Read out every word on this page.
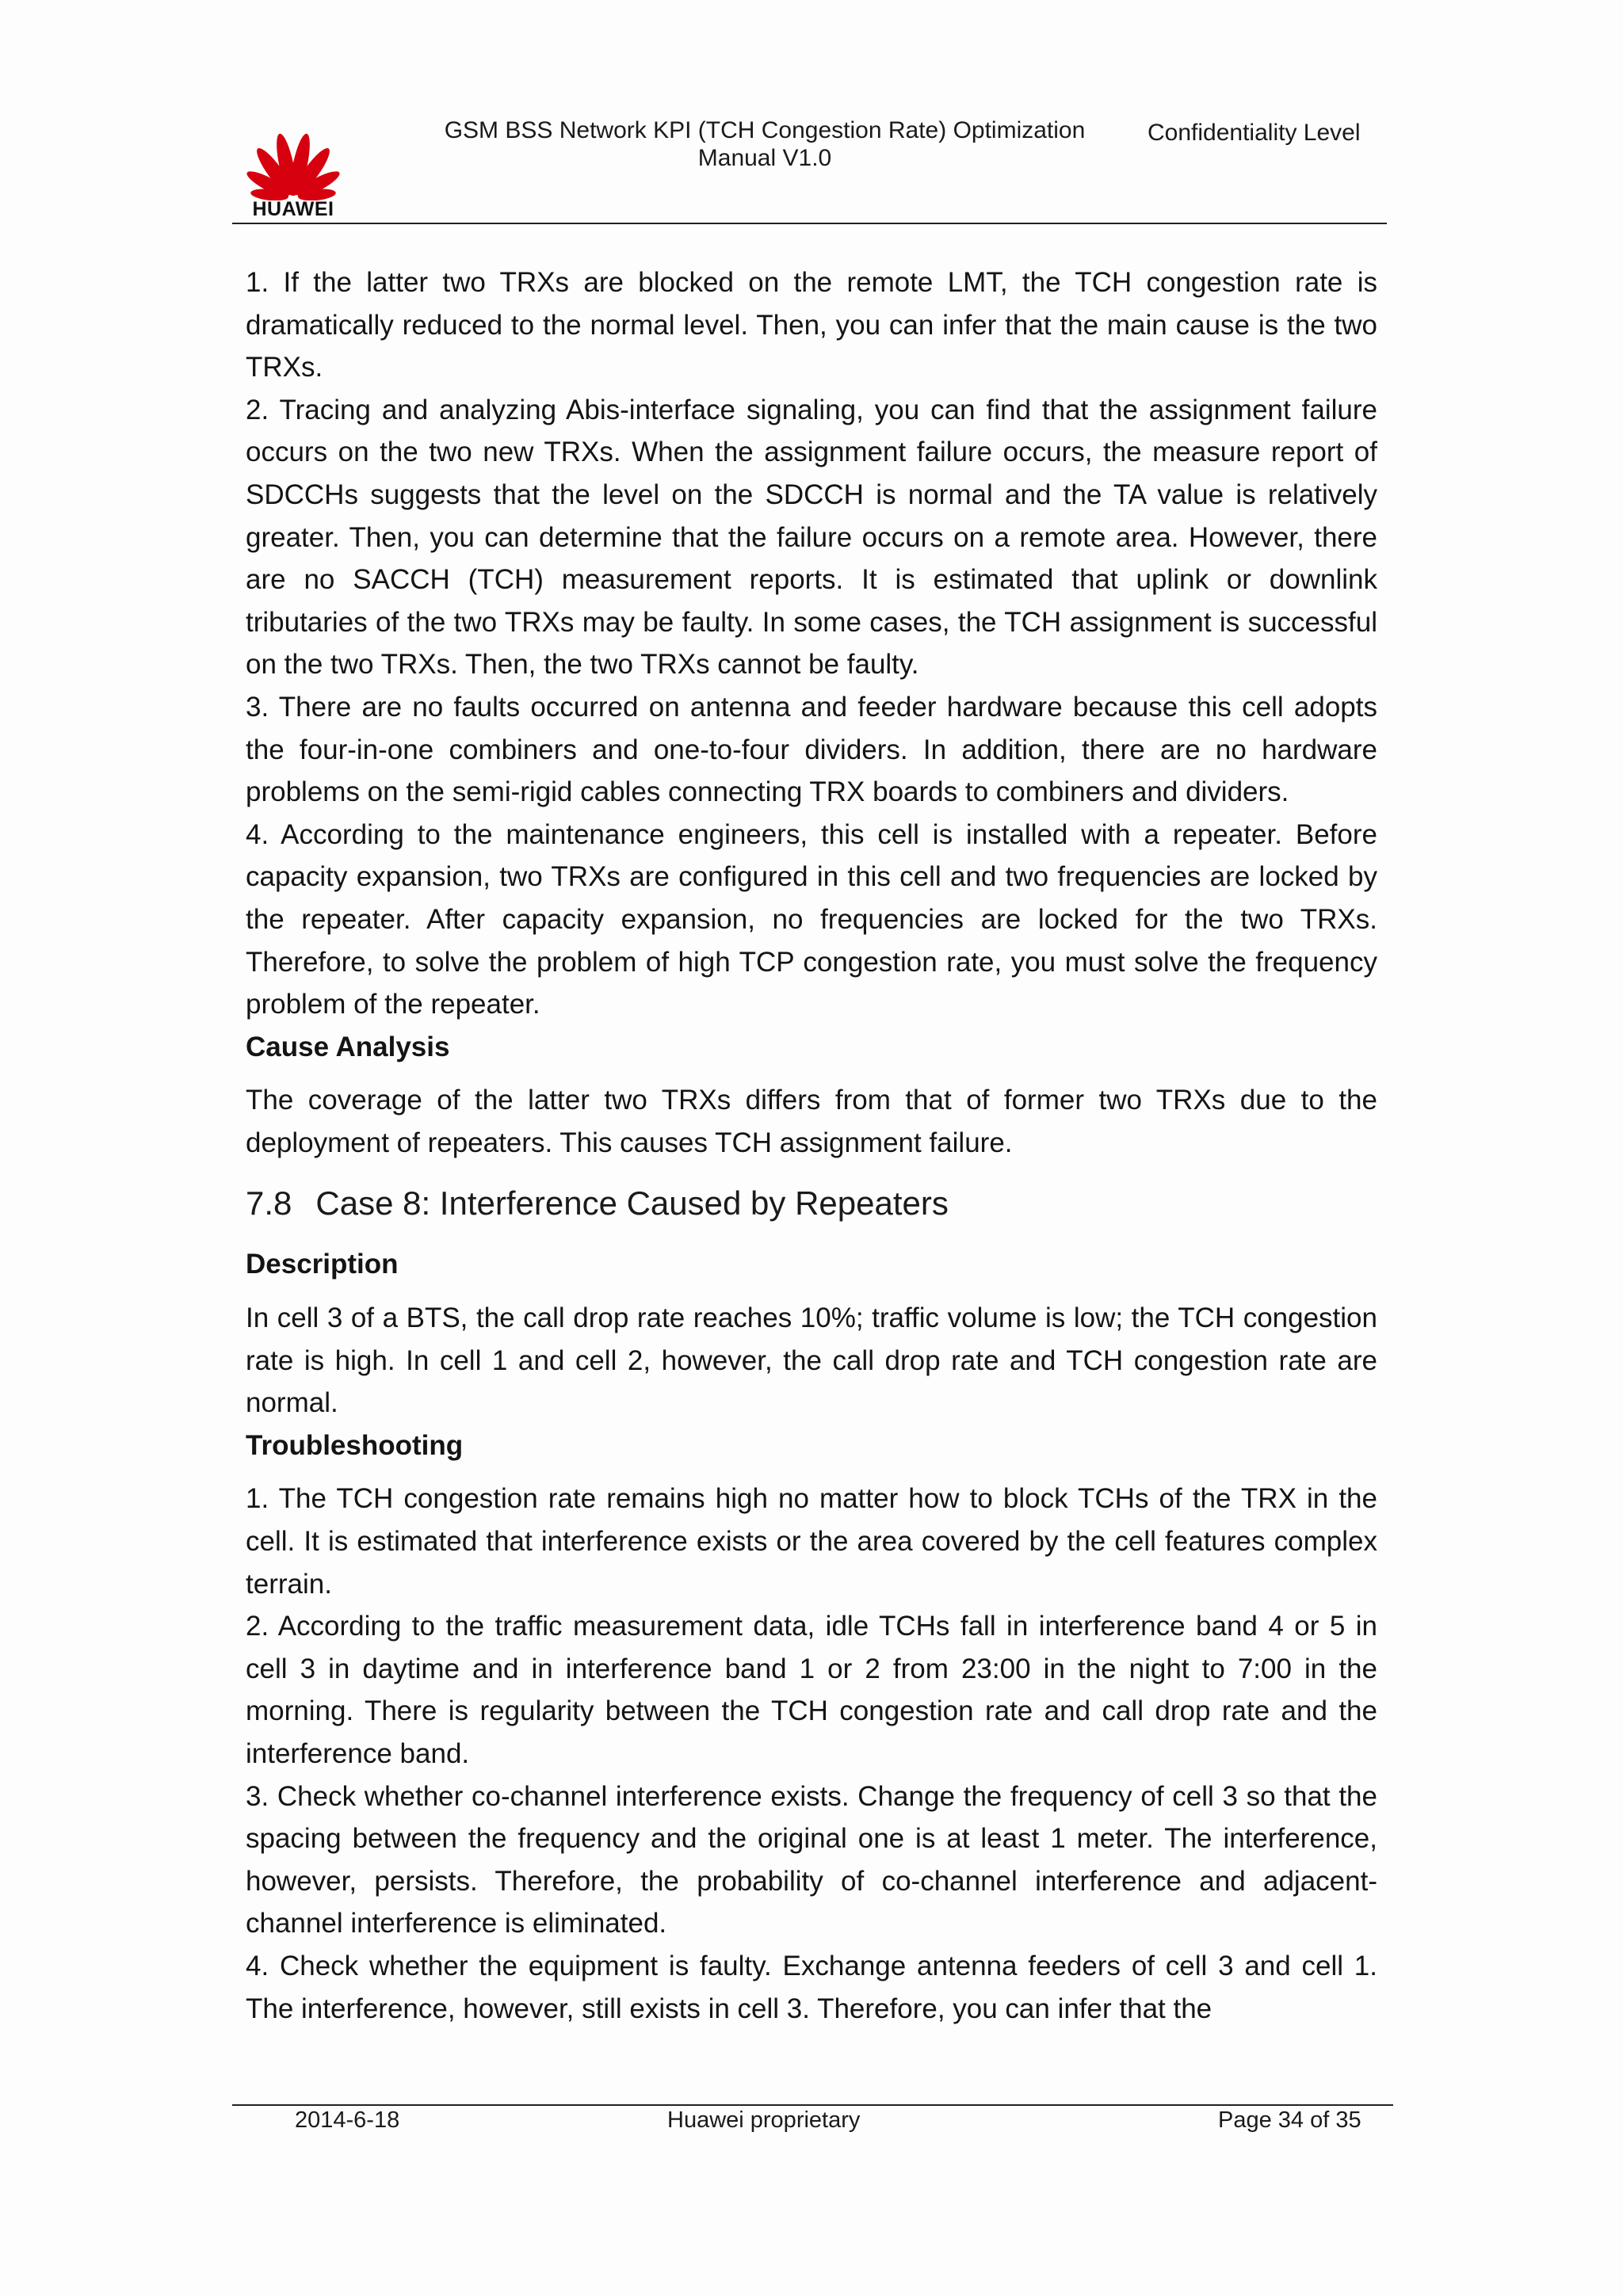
HUAWEI
GSM BSS Network KPI (TCH Congestion Rate) Optimization
Manual V1.0
Confidentiality Level

1. If the latter two TRXs are blocked on the remote LMT, the TCH congestion rate is dramatically reduced to the normal level. Then, you can infer that the main cause is the two TRXs.

2. Tracing and analyzing Abis-interface signaling, you can find that the assignment failure occurs on the two new TRXs. When the assignment failure occurs, the measure report of SDCCHs suggests that the level on the SDCCH is normal and the TA value is relatively greater. Then, you can determine that the failure occurs on a remote area. However, there are no SACCH (TCH) measurement reports. It is estimated that uplink or downlink tributaries of the two TRXs may be faulty. In some cases, the TCH assignment is successful on the two TRXs. Then, the two TRXs cannot be faulty.

3. There are no faults occurred on antenna and feeder hardware because this cell adopts the four-in-one combiners and one-to-four dividers. In addition, there are no hardware problems on the semi-rigid cables connecting TRX boards to combiners and dividers.

4. According to the maintenance engineers, this cell is installed with a repeater. Before capacity expansion, two TRXs are configured in this cell and two frequencies are locked by the repeater. After capacity expansion, no frequencies are locked for the two TRXs. Therefore, to solve the problem of high TCP congestion rate, you must solve the frequency problem of the repeater.

Cause Analysis

The coverage of the latter two TRXs differs from that of former two TRXs due to the deployment of repeaters. This causes TCH assignment failure.

7.8 Case 8: Interference Caused by Repeaters

Description

In cell 3 of a BTS, the call drop rate reaches 10%; traffic volume is low; the TCH congestion rate is high. In cell 1 and cell 2, however, the call drop rate and TCH congestion rate are normal.

Troubleshooting

1. The TCH congestion rate remains high no matter how to block TCHs of the TRX in the cell. It is estimated that interference exists or the area covered by the cell features complex terrain.

2. According to the traffic measurement data, idle TCHs fall in interference band 4 or 5 in cell 3 in daytime and in interference band 1 or 2 from 23:00 in the night to 7:00 in the morning. There is regularity between the TCH congestion rate and call drop rate and the interference band.

3. Check whether co-channel interference exists. Change the frequency of cell 3 so that the spacing between the frequency and the original one is at least 1 meter. The interference, however, persists. Therefore, the probability of co-channel interference and adjacent-channel interference is eliminated.

4. Check whether the equipment is faulty. Exchange antenna feeders of cell 3 and cell 1. The interference, however, still exists in cell 3. Therefore, you can infer that the

2014-6-18	Huawei proprietary	Page 34 of 35
